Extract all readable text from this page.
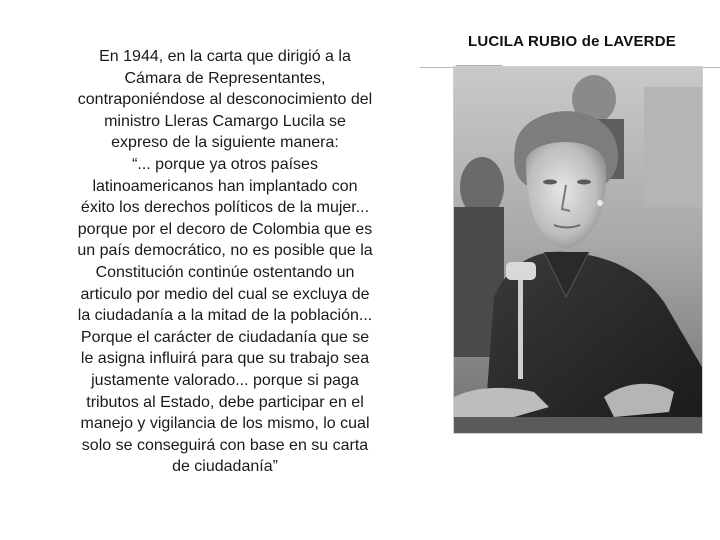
En 1944, en la carta que dirigió a la

Cámara de Representantes,

contraponiéndose al desconocimiento del

ministro Lleras Camargo Lucila se

expreso de la siguiente manera:

“... porque ya otros países

latinoamericanos han implantado con

éxito los derechos políticos de la mujer...

porque por el decoro de Colombia que es

un país democrático, no es posible que la

Constitución continúe ostentando un

articulo por medio del cual se excluya de

la ciudadanía a la mitad de la población...

Porque el carácter de ciudadanía que se

le asigna influirá para que su trabajo sea

justamente valorado... porque si paga

tributos al Estado, debe participar en el

manejo y vigilancia de los mismo, lo cual

solo se conseguirá con base en su carta

de ciudadanía”

LUCILA RUBIO de LAVERDE
